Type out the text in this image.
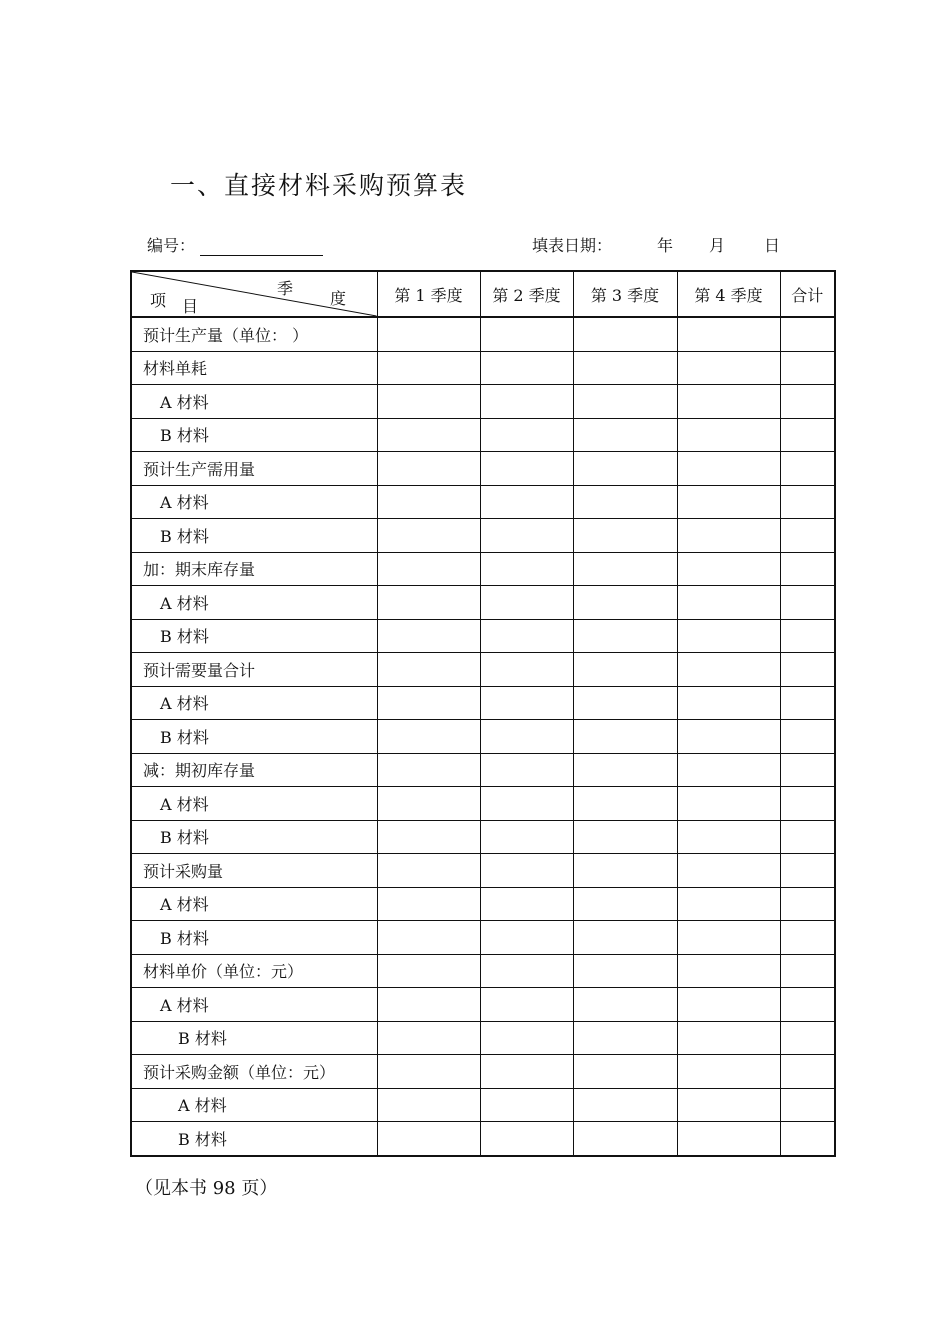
一、直接材料采购预算表
编号：	填表日期：	年 月 日
季
度
项 目	第 1 季度	第 2 季度	第 3 季度	第 4 季度	合计
预计生产量（单位： ）					
材料单耗					
A 材料					
B 材料					
预计生产需用量					
A 材料					
B 材料					
加：期末库存量					
A 材料					
B 材料					
预计需要量合计					
A 材料					
B 材料					
减：期初库存量					
A 材料					
B 材料					
预计采购量					
A 材料					
B 材料					
材料单价（单位：元）					
A 材料					
B 材料					
预计采购金额（单位：元）					
A 材料					
B 材料					
（见本书 98 页）
